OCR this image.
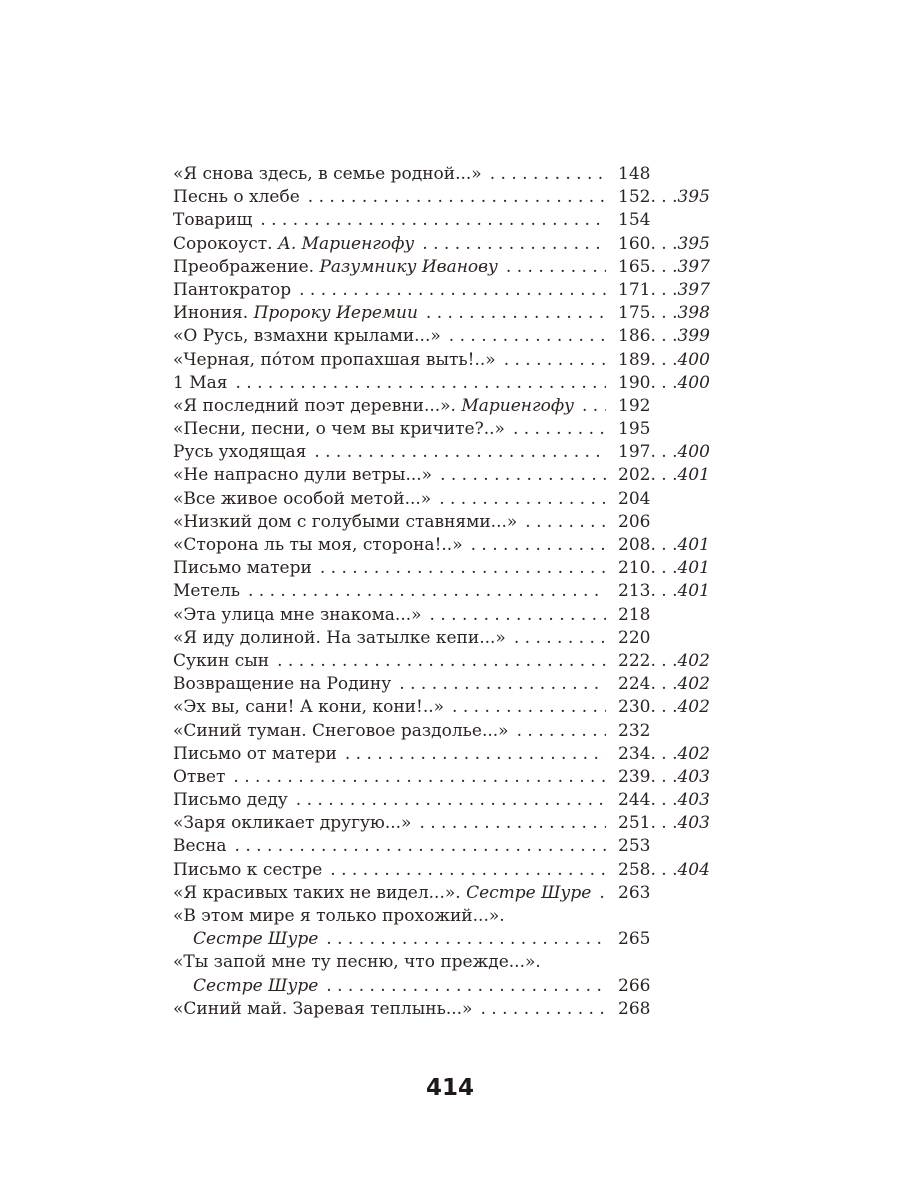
«Я снова здесь, в семье родной...» . . .	148
Песнь о хлебе . . .	152 . . . 395
Товарищ . . .	154
Сорокоуст. А. Мариенгофу . . .	160 . . . 395
Преображение. Разумнику Иванову . . .	165 . . . 397
Пантократор . . .	171 . . . 397
Инония. Пророку Иеремии . . .	175 . . . 398
«О Русь, взмахни крылами...» . . .	186 . . . 399
«Черная, по́том пропахшая выть!..» . . .	189 . . . 400
1 Мая . . .	190 . . . 400
«Я последний поэт деревни...». Мариенгофу . . .	192
«Песни, песни, о чем вы кричите?..» . . .	195
Русь уходящая . . .	197 . . . 400
«Не напрасно дули ветры...» . . .	202 . . . 401
«Все живое особой метой...» . . .	204
«Низкий дом с голубыми ставнями...» . . .	206
«Сторона ль ты моя, сторона!..» . . .	208 . . . 401
Письмо матери . . .	210 . . . 401
Метель . . .	213 . . . 401
«Эта улица мне знакома...» . . .	218
«Я иду долиной. На затылке кепи...» . . .	220
Сукин сын . . .	222 . . . 402
Возвращение на Родину . . .	224 . . . 402
«Эх вы, сани! А кони, кони!..» . . .	230 . . . 402
«Синий туман. Снеговое раздолье...» . . .	232
Письмо от матери . . .	234 . . . 402
Ответ . . .	239 . . . 403
Письмо деду . . .	244 . . . 403
«Заря окликает другую...» . . .	251 . . . 403
Весна . . .	253
Письмо к сестре . . .	258 . . . 404
«Я красивых таких не видел...». Сестре Шуре . . . 263
«В этом мире я только прохожий...».
Сестре Шуре . . .	265
«Ты запой мне ту песню, что прежде...».
Сестре Шуре . . .	266
«Синий май. Заревая теплынь...» . . .	268
414
